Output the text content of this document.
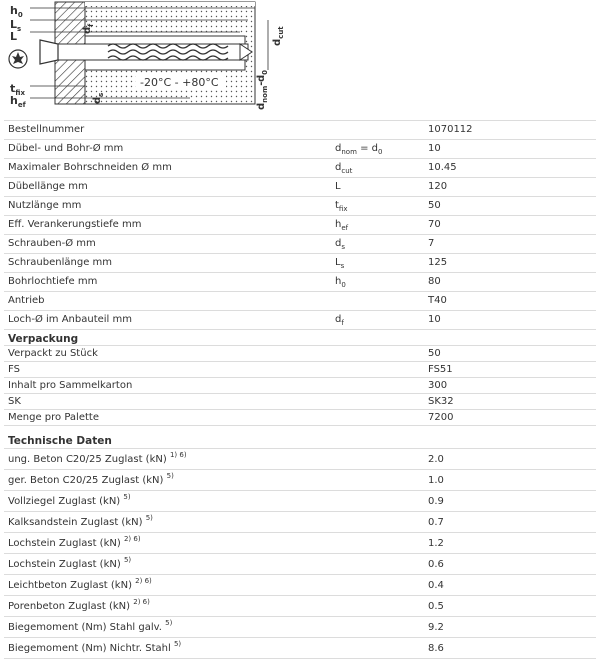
-20°C - +80°C
$h_0$
$L_s$
L
$t_{fix}$
$h_{ef}$
$d_f$
$d_s$
$d_{cut}$
$d_0$
$d_{nom}-$
Bestellnummer	1070112
Dübel- und Bohr-Ø mm	$d_{nom} = d_0$	10
Maximaler Bohrschneiden Ø mm	$d_{cut}$	10.45
Dübellänge mm	L	120
Nutzlänge mm	$t_{fix}$	50
Eff. Verankerungstiefe mm	$h_{ef}$	70
Schrauben-Ø mm	$d_s$	7
Schraubenlänge mm	$L_s$	125
Bohrlochtiefe mm	$h_0$	80
Antrieb	T40
Loch-Ø im Anbauteil mm	$d_f$	10
Verpackung
Verpackt zu Stück	50
FS	FS51
Inhalt pro Sammelkarton	300
SK	SK32
Menge pro Palette	7200
Technische Daten
ung. Beton C20/25 Zuglast (kN) $^{1) 6)}$	2.0
ger. Beton C20/25 Zuglast (kN) $^{5)}$	1.0
Vollziegel Zuglast (kN) $^{5)}$	0.9
Kalksandstein Zuglast (kN) $^{5)}$	0.7
Lochstein Zuglast (kN) $^{2) 6)}$	1.2
Lochstein Zuglast (kN) $^{5)}$	0.6
Leichtbeton Zuglast (kN) $^{2) 6)}$	0.4
Porenbeton Zuglast (kN) $^{2) 6)}$	0.5
Biegemoment (Nm) Stahl galv. $^{5)}$	9.2
Biegemoment (Nm) Nichtr. Stahl $^{5)}$	8.6
